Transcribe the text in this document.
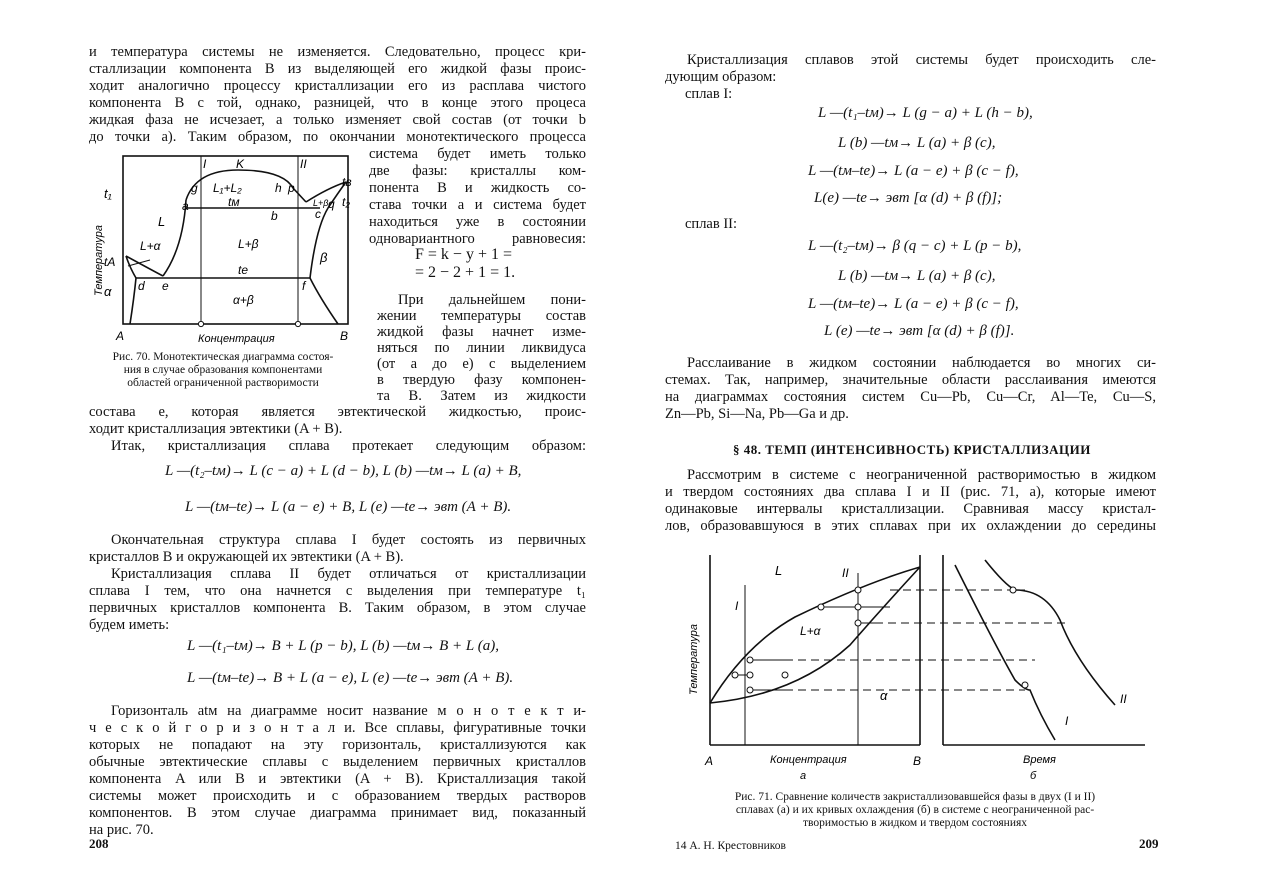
и температура системы не изменяется. Следовательно, процесс кри-
сталлизации компонента В из выделяющей его жидкой фазы проис-
ходит аналогично процессу кристаллизации его из расплава чистого
компонента В с той, однако, разницей, что в конце этого процеса
жидкая фаза не исчезает, а только изменяет свой состав (от точки b
до точки a). Таким образом, по окончании монотектического процесса
I	II
K
L₁+L₂
g	h p
a	tм
b
L+β
c
q
tв
t₂
t₁
L
L+α	L+β
te
β
tA
α d e	f
α+β
A	B
Концентрация
Температура
система будет иметь только
две фазы: кристаллы ком-
понента В и жидкость со-
става точки a и система будет
находиться уже в состоянии
одновариантного равновесия:
F = k − y + 1 =
= 2 − 2 + 1 = 1.
При дальнейшем пони-
жении температуры состав
жидкой фазы начнет изме-
няться по линии ликвидуса
(от a до e) с выделением
в твердую фазу компонен-
та В. Затем из жидкости
Рис. 70. Монотектическая диаграмма состоя-
ния в случае образования компонентами
областей ограниченной растворимости
состава e, которая является эвтектической жидкостью, проис-
ходит кристаллизация эвтектики (A + B).
Итак, кристаллизация сплава протекает следующим образом:
L —(t₂–tм)→ L (c − a) + L (d − b), L (b) —tм→ L (a) + B,
L —(tм–te)→ L (a − e) + B, L (e) —te→ эвт (A + B).
Окончательная структура сплава I будет состоять из первичных
кристаллов В и окружающей их эвтектики (A + B).
Кристаллизация сплава II будет отличаться от кристаллизации
сплава I тем, что она начнется с выделения при температуре t₁
первичных кристаллов компонента В. Таким образом, в этом случае
будем иметь:
L —(t₁–tм)→ B + L (p − b), L (b) —tм→ B + L (a),
L —(tм–te)→ B + L (a − e), L (e) —te→ эвт (A + B).
Горизонталь atм на диаграмме носит название м о н о т е к т и-
ч е с к о й г о р и з о н т а л и. Все сплавы, фигуративные точки
которых не попадают на эту горизонталь, кристаллизуются как
обычные эвтектические сплавы с выделением первичных кристаллов
компонента A или B и эвтектики (A + B). Кристаллизация такой
системы может происходить и с образованием твердых растворов
компонентов. В этом случае диаграмма принимает вид, показанный
на рис. 70.
208
Кристаллизация сплавов этой системы будет происходить сле-
дующим образом:
сплав I:
L —(t₁–tм)→ L (g − a) + L (h − b),
L (b) —tм→ L (a) + β (c),
L —(tм–te)→ L (a − e) + β (c − f),
L(e) —te→ эвт [α (d) + β (f)];
сплав II:
L —(t₂–tм)→ β (q − c) + L (p − b),
L (b) —tм→ L (a) + β (c),
L —(tм–te)→ L (a − e) + β (c − f),
L (e) —te→ эвт [α (d) + β (f)].
Расслаивание в жидком состоянии наблюдается во многих си-
стемах. Так, например, значительные области расслаивания имеются
на диаграммах состояния систем Cu—Pb, Cu—Cr, Al—Te, Cu—S,
Zn—Pb, Si—Na, Pb—Ga и др.
§ 48. ТЕМП (ИНТЕНСИВНОСТЬ) КРИСТАЛЛИЗАЦИИ
Рассмотрим в системе с неограниченной растворимостью в жидком
и твердом состояниях два сплава I и II (рис. 71, a), которые имеют
одинаковые интервалы кристаллизации. Сравнивая массу кристал-
лов, образовавшуюся в этих сплавах при их охлаждении до середины
L	II
I
L+α
α
I
II
A	B
Концентрация
a
Время
б
Температура
Рис. 71. Сравнение количеств закристаллизовавшейся фазы в двух (I и II)
сплавах (a) и их кривых охлаждения (б) в системе с неограниченной рас-
творимостью в жидком и твердом состояниях
14 А. Н. Крестовников	209
